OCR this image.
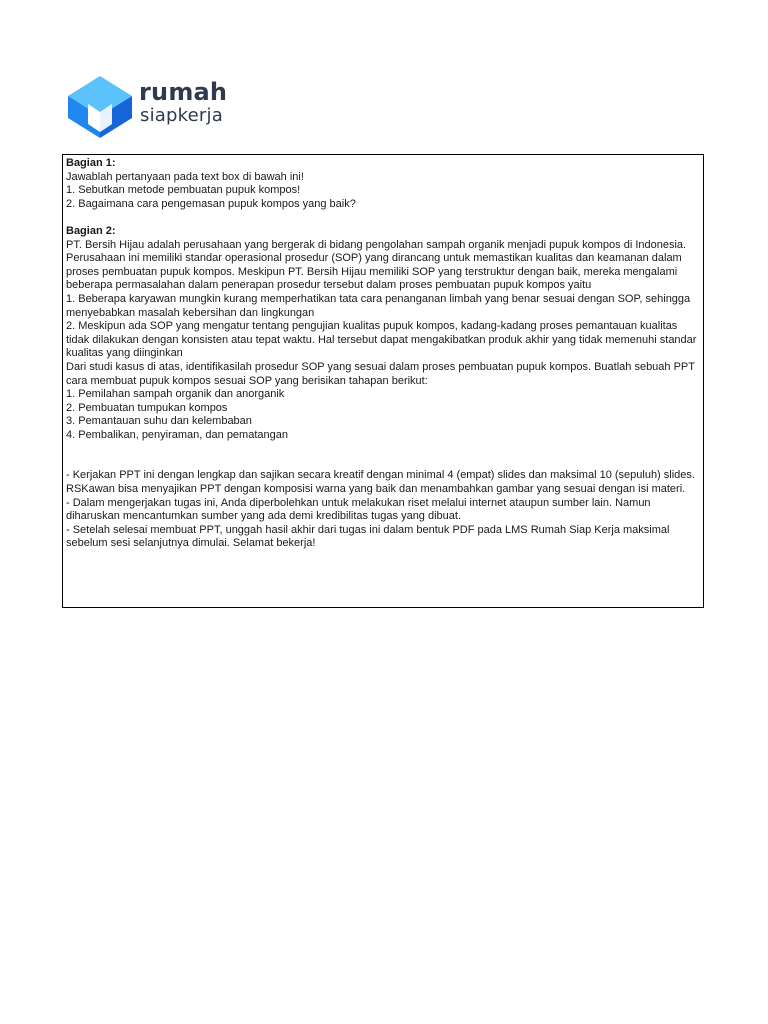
rumah
siapkerja

Bagian 1:

Jawablah pertanyaan pada text box di bawah ini!

1. Sebutkan metode pembuatan pupuk kompos!

2. Bagaimana cara pengemasan pupuk kompos yang baik?

Bagian 2:

PT. Bersih Hijau adalah perusahaan yang bergerak di bidang pengolahan sampah organik menjadi pupuk kompos di Indonesia. Perusahaan ini memiliki standar operasional prosedur (SOP) yang dirancang untuk memastikan kualitas dan keamanan dalam proses pembuatan pupuk kompos. Meskipun PT. Bersih Hijau memiliki SOP yang terstruktur dengan baik, mereka mengalami beberapa permasalahan dalam penerapan prosedur tersebut dalam proses pembuatan pupuk kompos yaitu

1. Beberapa karyawan mungkin kurang memperhatikan tata cara penanganan limbah yang benar sesuai dengan SOP, sehingga menyebabkan masalah kebersihan dan lingkungan

2. Meskipun ada SOP yang mengatur tentang pengujian kualitas pupuk kompos, kadang-kadang proses pemantauan kualitas tidak dilakukan dengan konsisten atau tepat waktu. Hal tersebut dapat mengakibatkan produk akhir yang tidak memenuhi standar kualitas yang diinginkan

Dari studi kasus di atas, identifikasilah prosedur SOP yang sesuai dalam proses pembuatan pupuk kompos. Buatlah sebuah PPT cara membuat pupuk kompos sesuai SOP yang berisikan tahapan berikut:

1. Pemilahan sampah organik dan anorganik

2. Pembuatan tumpukan kompos

3. Pemantauan suhu dan kelembaban

4. Pembalikan, penyiraman, dan pematangan

- Kerjakan PPT ini dengan lengkap dan sajikan secara kreatif dengan minimal 4 (empat) slides dan maksimal 10 (sepuluh) slides. RSKawan bisa menyajikan PPT dengan komposisi warna yang baik dan menambahkan gambar yang sesuai dengan isi materi.

- Dalam mengerjakan tugas ini, Anda diperbolehkan untuk melakukan riset melalui internet ataupun sumber lain. Namun diharuskan mencantumkan sumber yang ada demi kredibilitas tugas yang dibuat.

- Setelah selesai membuat PPT, unggah hasil akhir dari tugas ini dalam bentuk PDF pada LMS Rumah Siap Kerja maksimal sebelum sesi selanjutnya dimulai. Selamat bekerja!
